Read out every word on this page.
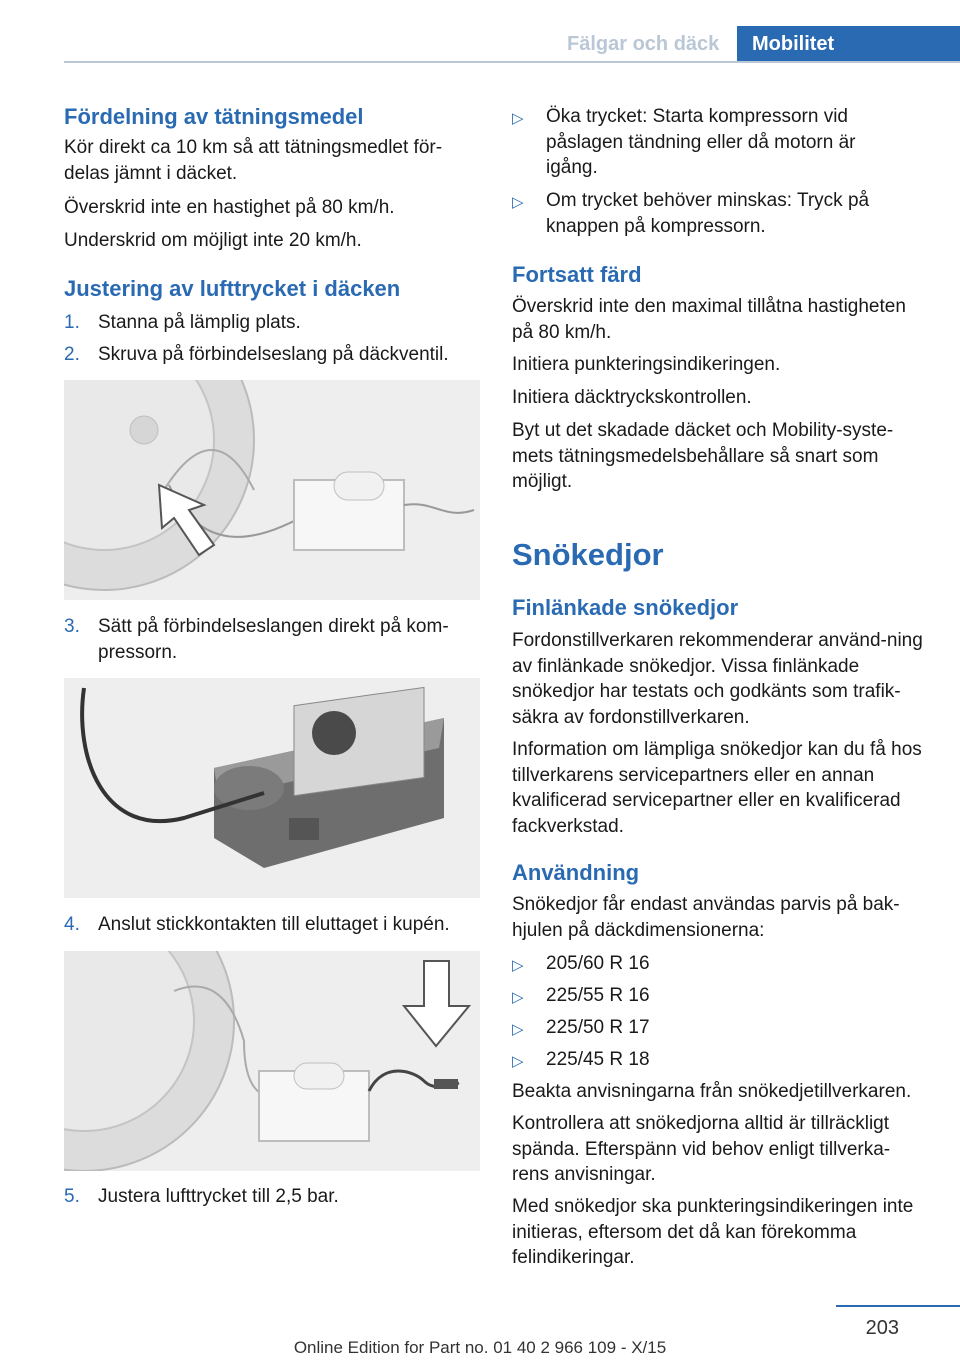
Fälgar och däck	Mobilitet
Fördelning av tätningsmedel

Kör direkt ca 10 km så att tätningsmedlet för‐delas jämnt i däcket.

Överskrid inte en hastighet på 80 km/h.

Underskrid om möjligt inte 20 km/h.

Justering av lufttrycket i däcken
1. Stanna på lämplig plats.
2. Skruva på förbindelseslang på däckventil.
3. Sätt på förbindelseslangen direkt på kom‐pressorn.
4. Anslut stickkontakten till eluttaget i kupén.
5. Justera lufttrycket till 2,5 bar.
▷ Öka trycket: Starta kompressorn vid påslagen tändning eller då motorn är igång.
▷ Om trycket behöver minskas: Tryck på knappen på kompressorn.
Fortsatt färd

Överskrid inte den maximal tillåtna hastigheten på 80 km/h.

Initiera punkteringsindikeringen.

Initiera däcktryckskontrollen.

Byt ut det skadade däcket och Mobility-syste‐mets tätningsmedelsbehållare så snart som möjligt.

Snökedjor
Finlänkade snökedjor

Fordonstillverkaren rekommenderar använd‐ning av finlänkade snökedjor. Vissa finlänkade snökedjor har testats och godkänts som trafik‐säkra av fordonstillverkaren.

Information om lämpliga snökedjor kan du få hos tillverkarens servicepartners eller en annan kvalificerad servicepartner eller en kvalificerad fackverkstad.

Användning

Snökedjor får endast användas parvis på bak‐hjulen på däckdimensionerna:

▷ 205/60 R 16
▷ 225/55 R 16
▷ 225/50 R 17
▷ 225/45 R 18

Beakta anvisningarna från snökedjetillverkaren.

Kontrollera att snökedjorna alltid är tillräckligt spända. Efterspänn vid behov enligt tillverka‐rens anvisningar.

Med snökedjor ska punkteringsindikeringen inte initieras, eftersom det då kan förekomma felindikeringar.

203
Online Edition for Part no. 01 40 2 966 109 - X/15
